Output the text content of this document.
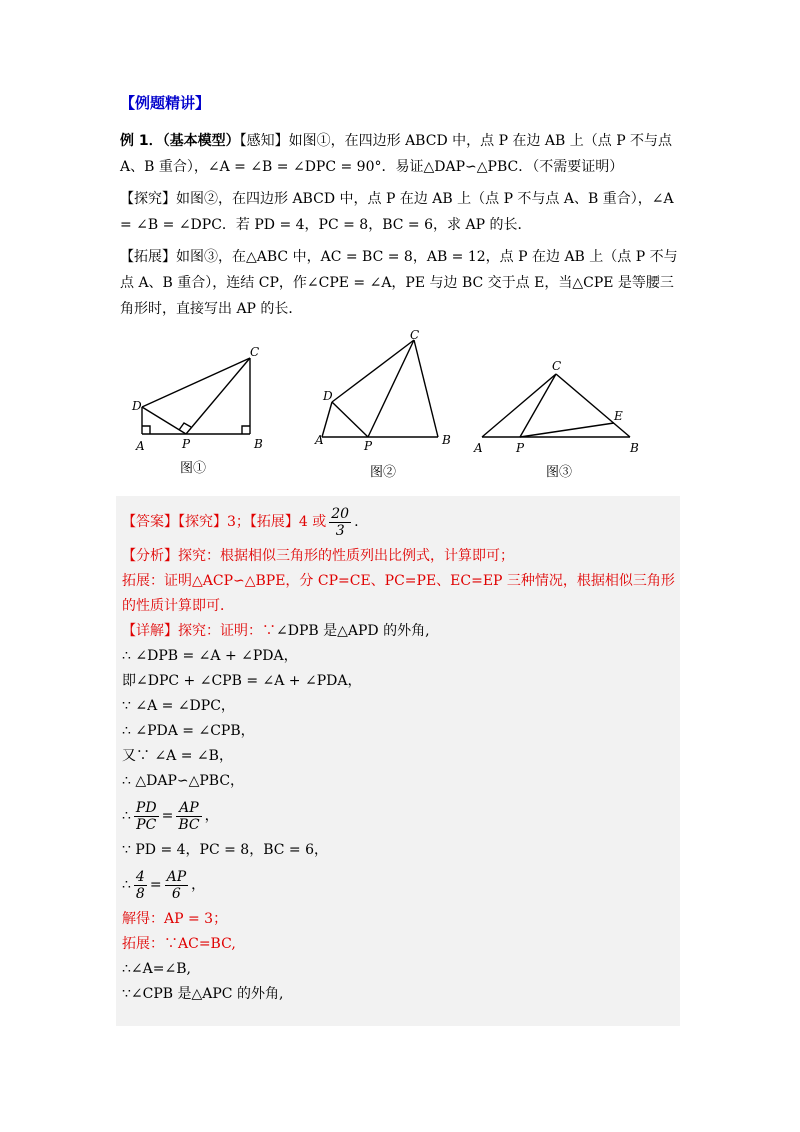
【例题精讲】

例 1．（基本模型）【感知】如图①，在四边形 ABCD 中，点 P 在边 AB 上（点 P 不与点 A、B 重合），∠A = ∠B = ∠DPC = 90°．易证△DAP∽△PBC．（不需要证明）

【探究】如图②，在四边形 ABCD 中，点 P 在边 AB 上（点 P 不与点 A、B 重合），∠A = ∠B = ∠DPC．若 PD = 4，PC = 8，BC = 6，求 AP 的长．

【拓展】如图③，在△ABC 中，AC = BC = 8，AB = 12，点 P 在边 AB 上（点 P 不与点 A、B 重合），连结 CP，作∠CPE = ∠A，PE 与边 BC 交于点 E，当△CPE 是等腰三角形时，直接写出 AP 的长．

A	B
C
D
P
图①
A	B
C
D
P
图②
A	B
C
E
P
图③
【答案】【探究】3；【拓展】4 或 $\frac{20}{3}$ .
【分析】探究：根据相似三角形的性质列出比例式，计算即可；
拓展：证明△ACP∽△BPE，分 CP=CE、PC=PE、EC=EP 三种情况，根据相似三角形的性质计算即可．
【详解】探究：证明：∵∠DPB 是△APD 的外角,
∴ ∠DPB = ∠A + ∠PDA，
即∠DPC + ∠CPB = ∠A + ∠PDA，
∵ ∠A = ∠DPC，
∴ ∠PDA = ∠CPB，
又∵ ∠A = ∠B，
∴ △DAP∽△PBC，
∴ $\frac{PD}{PC} = \frac{AP}{BC}$ ，
∵ PD = 4，PC = 8，BC = 6，
∴ $\frac{4}{8} = \frac{AP}{6}$ ，
解得：AP = 3；
拓展：∵AC=BC,
∴∠A=∠B,
∵∠CPB 是△APC 的外角,
